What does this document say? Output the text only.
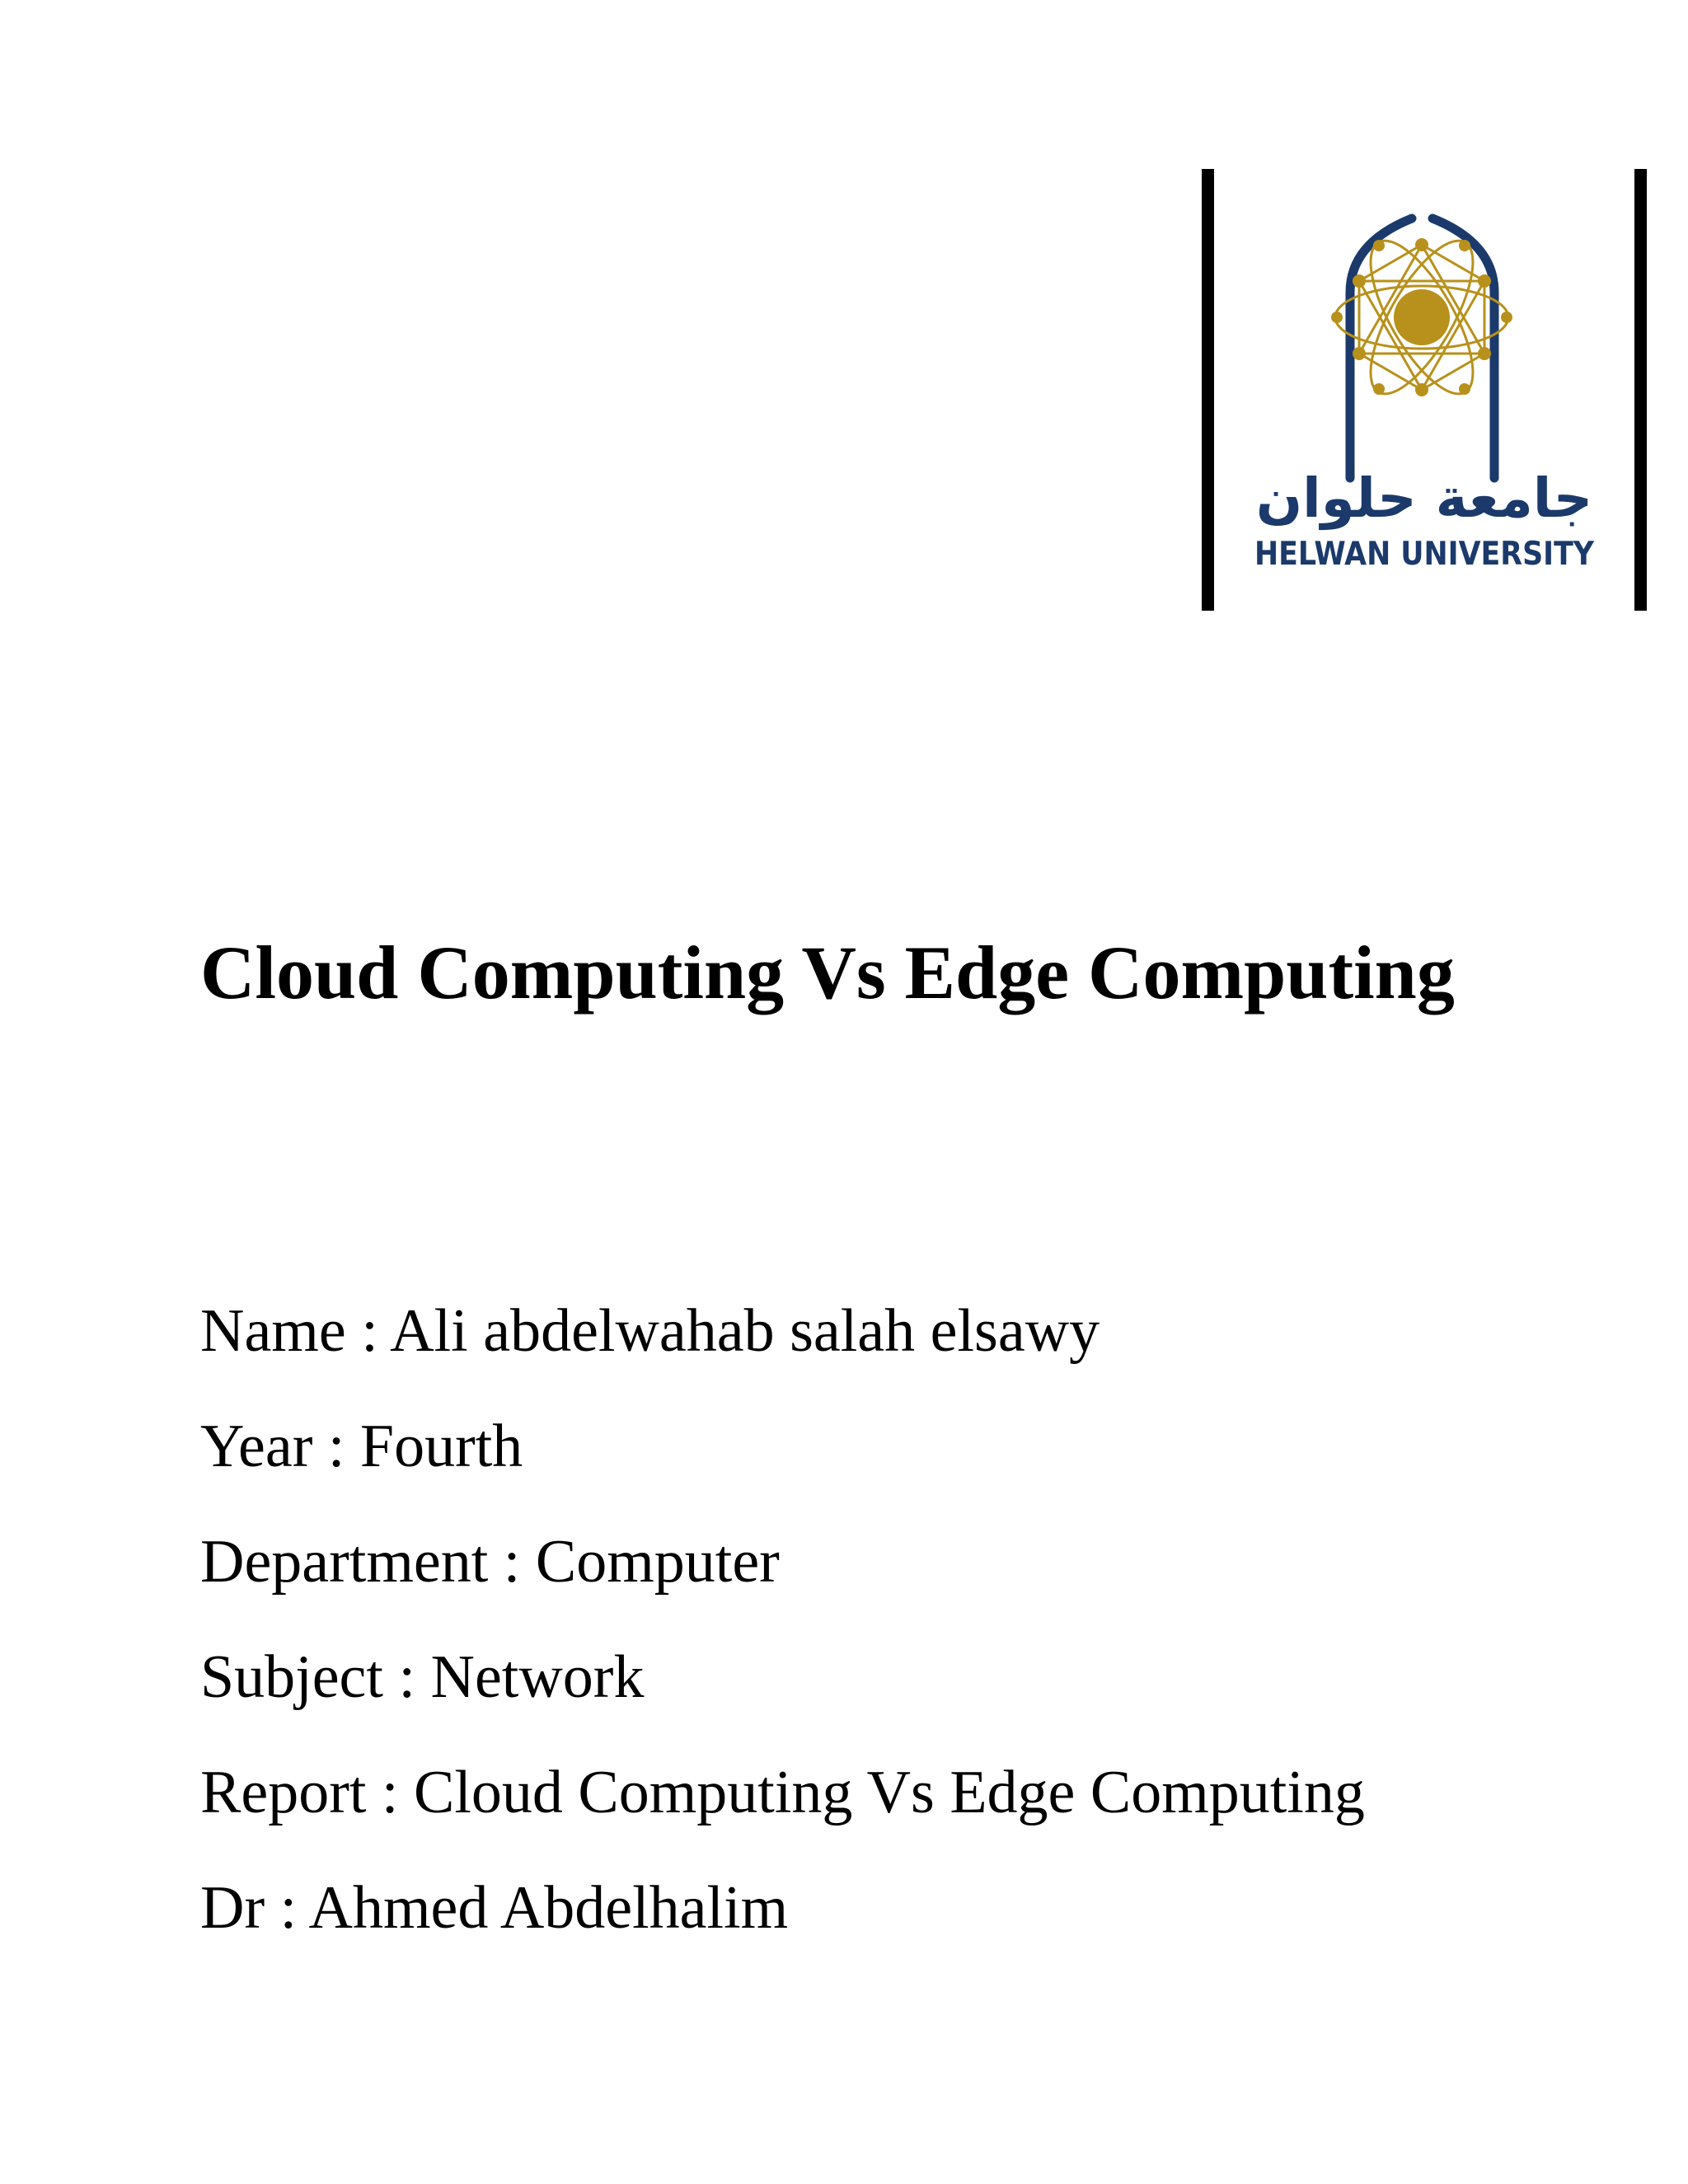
جامعة حلوان
HELWAN UNIVERSITY
Cloud Computing Vs Edge Computing
Name : Ali abdelwahab salah elsawy
Year : Fourth
Department : Computer
Subject : Network
Report : Cloud Computing Vs Edge Computing
Dr : Ahmed Abdelhalim
